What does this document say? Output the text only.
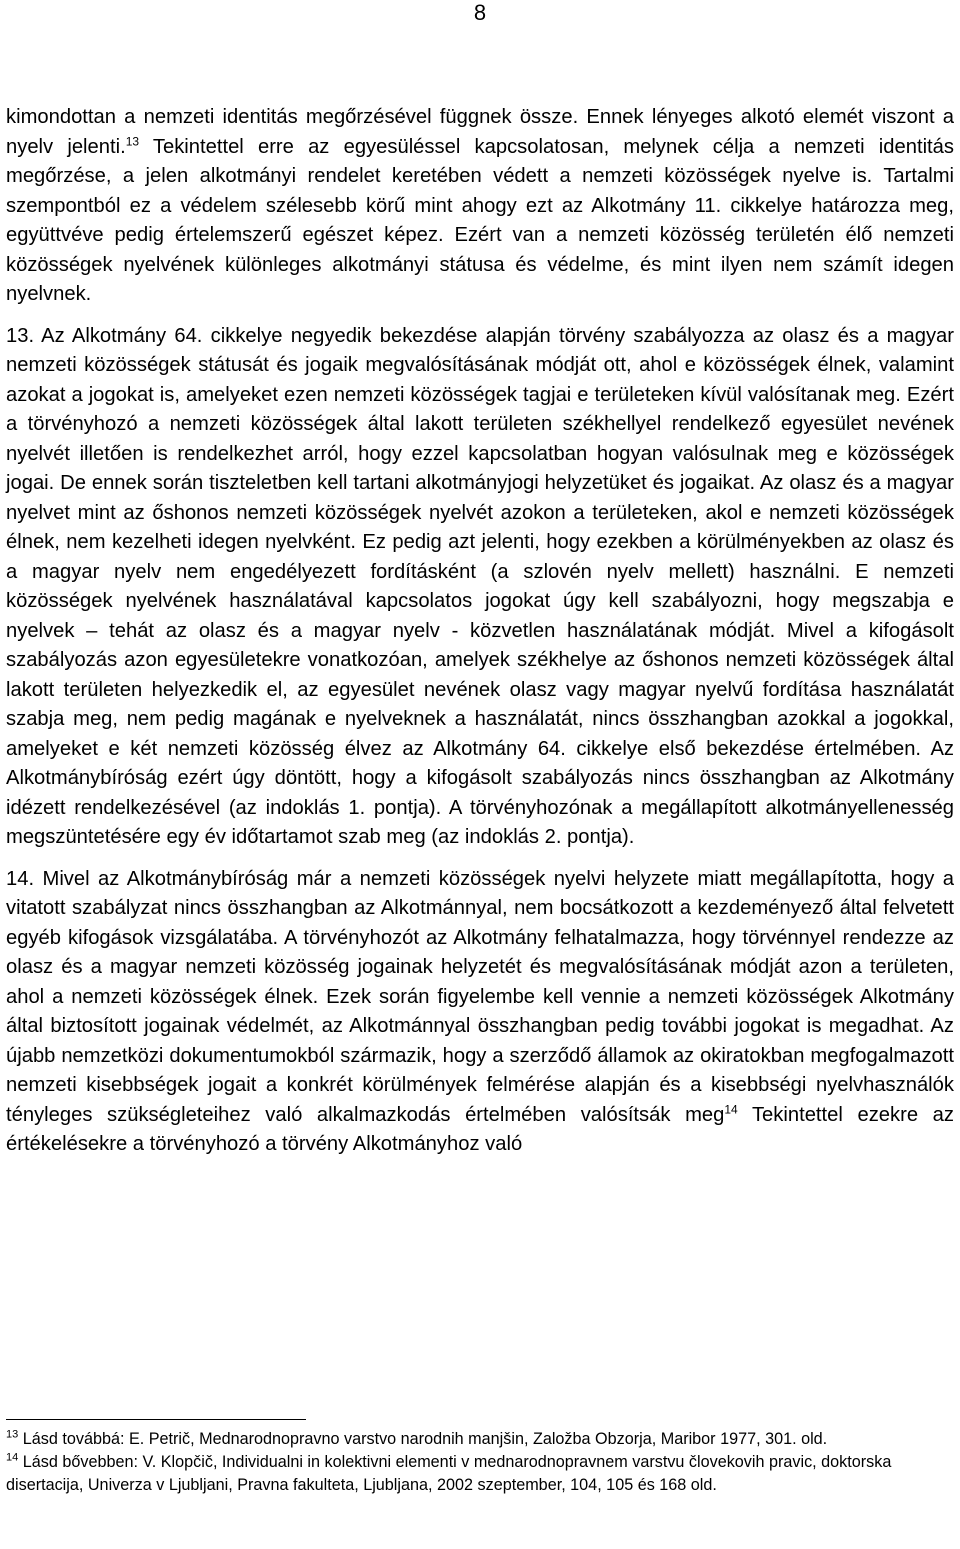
8

kimondottan a nemzeti identitás megőrzésével függnek össze. Ennek lényeges alkotó elemét viszont a nyelv jelenti.$^{13}$ Tekintettel erre az egyesüléssel kapcsolatosan, melynek célja a nemzeti identitás megőrzése, a jelen alkotmányi rendelet keretében védett a nemzeti közösségek nyelve is. Tartalmi szempontból ez a védelem szélesebb körű mint ahogy ezt az Alkotmány 11. cikkelye határozza meg, együttvéve pedig értelemszerű egészet képez. Ezért van a nemzeti közösség területén élő nemzeti közösségek nyelvének különleges alkotmányi státusa és védelme, és mint ilyen nem számít idegen nyelvnek.

13. Az Alkotmány 64. cikkelye negyedik bekezdése alapján törvény szabályozza az olasz és a magyar nemzeti közösségek státusát és jogaik megvalósításának módját ott, ahol e közösségek élnek, valamint azokat a jogokat is, amelyeket ezen nemzeti közösségek tagjai e területeken kívül valósítanak meg. Ezért a törvényhozó a nemzeti közösségek által lakott területen székhellyel rendelkező egyesület nevének nyelvét illetően is rendelkezhet arról, hogy ezzel kapcsolatban hogyan valósulnak meg e közösségek jogai. De ennek során tiszteletben kell tartani alkotmányjogi helyzetüket és jogaikat. Az olasz és a magyar nyelvet mint az őshonos nemzeti közösségek nyelvét azokon a területeken, akol e nemzeti közösségek élnek, nem kezelheti idegen nyelvként. Ez pedig azt jelenti, hogy ezekben a körülményekben az olasz és a magyar nyelv nem engedélyezett fordításként (a szlovén nyelv mellett) használni. E nemzeti közösségek nyelvének használatával kapcsolatos jogokat úgy kell szabályozni, hogy megszabja e nyelvek – tehát az olasz és a magyar nyelv - közvetlen használatának módját. Mivel a kifogásolt szabályozás azon egyesületekre vonatkozóan, amelyek székhelye az őshonos nemzeti közösségek által lakott területen helyezkedik el, az egyesület nevének olasz vagy magyar nyelvű fordítása használatát szabja meg, nem pedig magának e nyelveknek a használatát, nincs összhangban azokkal a jogokkal, amelyeket e két nemzeti közösség élvez az Alkotmány 64. cikkelye első bekezdése értelmében. Az Alkotmánybíróság ezért úgy döntött, hogy a kifogásolt szabályozás nincs összhangban az Alkotmány idézett rendelkezésével (az indoklás 1. pontja). A törvényhozónak a megállapított alkotmányellenesség megszüntetésére egy év időtartamot szab meg (az indoklás 2. pontja).

14. Mivel az Alkotmánybíróság már a nemzeti közösségek nyelvi helyzete miatt megállapította, hogy a vitatott szabályzat nincs összhangban az Alkotmánnyal, nem bocsátkozott a kezdeményező által felvetett egyéb kifogások vizsgálatába. A törvényhozót az Alkotmány felhatalmazza, hogy törvénnyel rendezze az olasz és a magyar nemzeti közösség jogainak helyzetét és megvalósításának módját azon a területen, ahol a nemzeti közösségek élnek. Ezek során figyelembe kell vennie a nemzeti közösségek Alkotmány által biztosított jogainak védelmét, az Alkotmánnyal összhangban pedig további jogokat is megadhat. Az újabb nemzetközi dokumentumokból származik, hogy a szerződő államok az okiratokban megfogalmazott nemzeti kisebbségek jogait a konkrét körülmények felmérése alapján és a kisebbségi nyelvhasználók tényleges szükségleteihez való alkalmazkodás értelmében valósítsák meg$^{14}$ Tekintettel ezekre az értékelésekre a törvényhozó a törvény Alkotmányhoz való

$^{13}$ Lásd továbbá: E. Petrič, Mednarodnopravno varstvo narodnih manjšin, Založba Obzorja, Maribor 1977, 301. old.

$^{14}$ Lásd bővebben: V. Klopčič, Individualni in kolektivni elementi v mednarodnopravnem varstvu človekovih pravic, doktorska disertacija, Univerza v Ljubljani, Pravna fakulteta, Ljubljana, 2002 szeptember, 104, 105 és 168 old.
